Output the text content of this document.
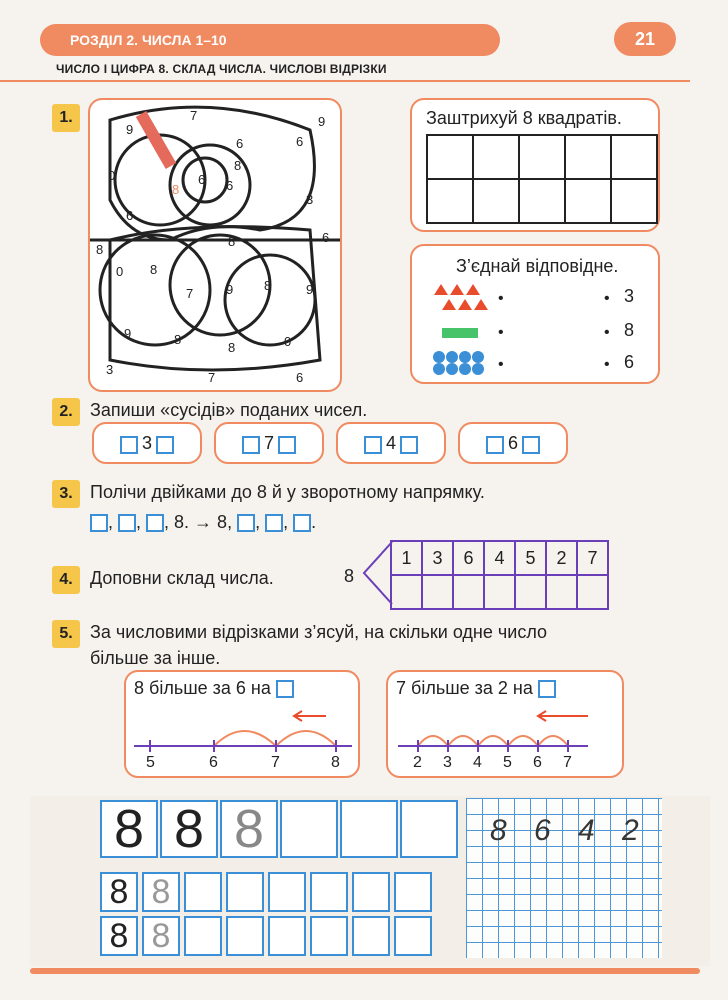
РОЗДІЛ 2. ЧИСЛА 1–10	21
ЧИСЛО І ЦИФРА 8. СКЛАД ЧИСЛА. ЧИСЛОВІ ВІДРІЗКИ
1.
8
7
9
9
6
0
8
6 6
6
3
6
8	6
8
0 8
7	9 8	9
9	8	0
8
3
7	6
Заштрихуй 8 квадратів.

З’єднай відповідне.
•	• 3
•	• 8
•	• 6
2. Запиши «сусідів» поданих чисел.
3	7	4	6
3. Полічи двійками до 8 й у зворотному напрямку.
, , , 8. → 8, , , .
4. Доповни склад числа.	8
1	3	6	4	5	2	7

5. За числовими відрізками з’ясуй, на скільки одне число
більше за інше.
8 більше за 6 на
5	6	7	8
7 більше за 2 на
2 3 4 5 6 7
8 8 8
8 8
8 8
8 6 4 2
